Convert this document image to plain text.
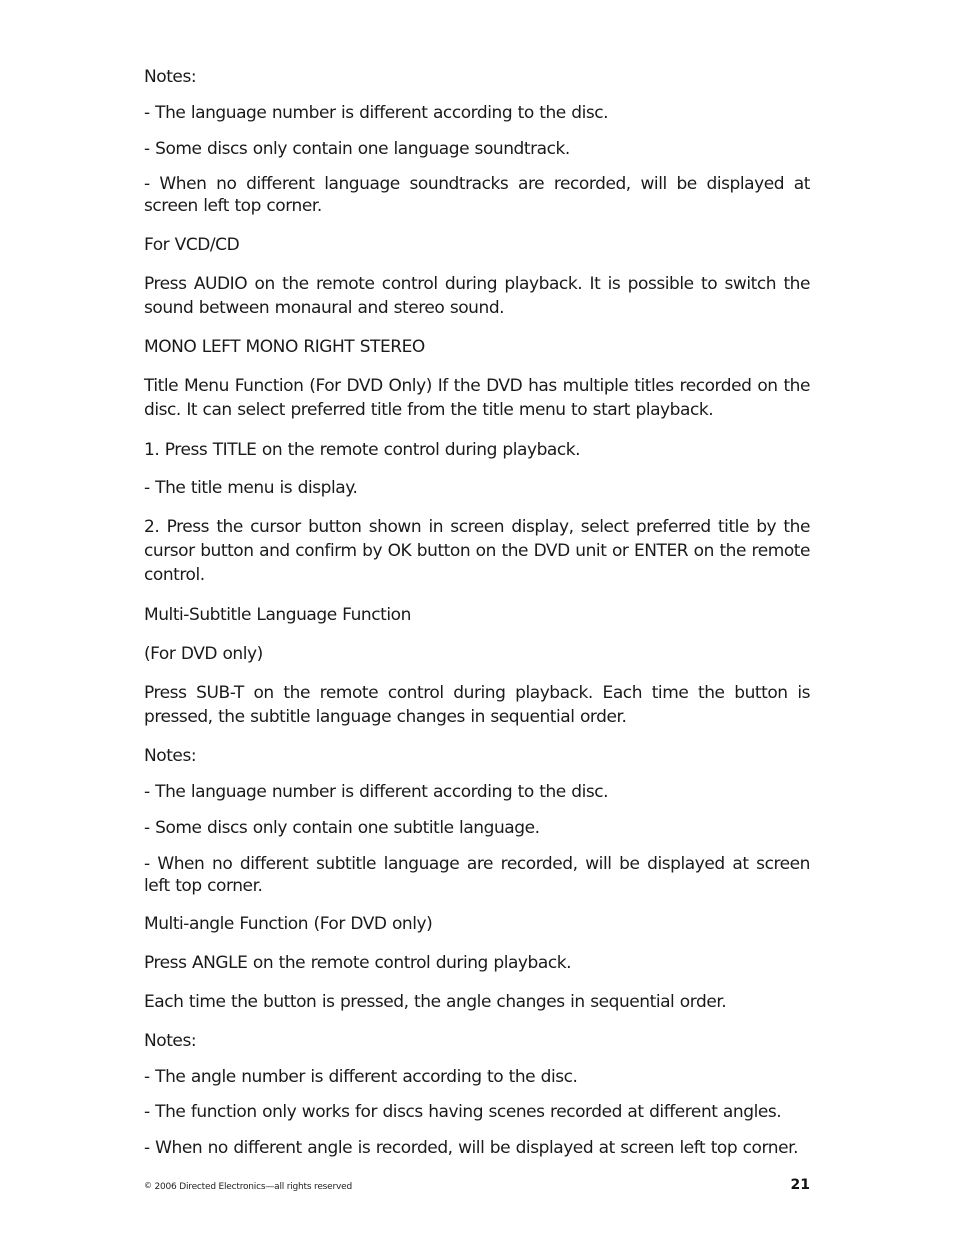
Notes:

- The language number is different according to the disc.

- Some discs only contain one language soundtrack.

- When no different language soundtracks are recorded, will be displayed at screen left top corner.

For VCD/CD

Press AUDIO on the remote control during playback. It is possible to switch the sound between monaural and stereo sound.

MONO LEFT MONO RIGHT STEREO

Title Menu Function (For DVD Only) If the DVD has multiple titles recorded on the disc. It can select preferred title from the title menu to start playback.

1. Press TITLE on the remote control during playback.

- The title menu is display.

2. Press the cursor button shown in screen display, select preferred title by the cursor button and confirm by OK button on the DVD unit or ENTER on the remote control.

Multi-Subtitle Language Function

(For DVD only)

Press SUB-T on the remote control during playback. Each time the button is pressed, the subtitle language changes in sequential order.

Notes:

- The language number is different according to the disc.

- Some discs only contain one subtitle language.

- When no different subtitle language are recorded, will be displayed at screen left top corner.

Multi-angle Function (For DVD only)

Press ANGLE on the remote control during playback.

Each time the button is pressed, the angle changes in sequential order.

Notes:

- The angle number is different according to the disc.

- The function only works for discs having scenes recorded at different angles.

- When no different angle is recorded, will be displayed at screen left top corner.

© 2006 Directed Electronics—all rights reserved	21
